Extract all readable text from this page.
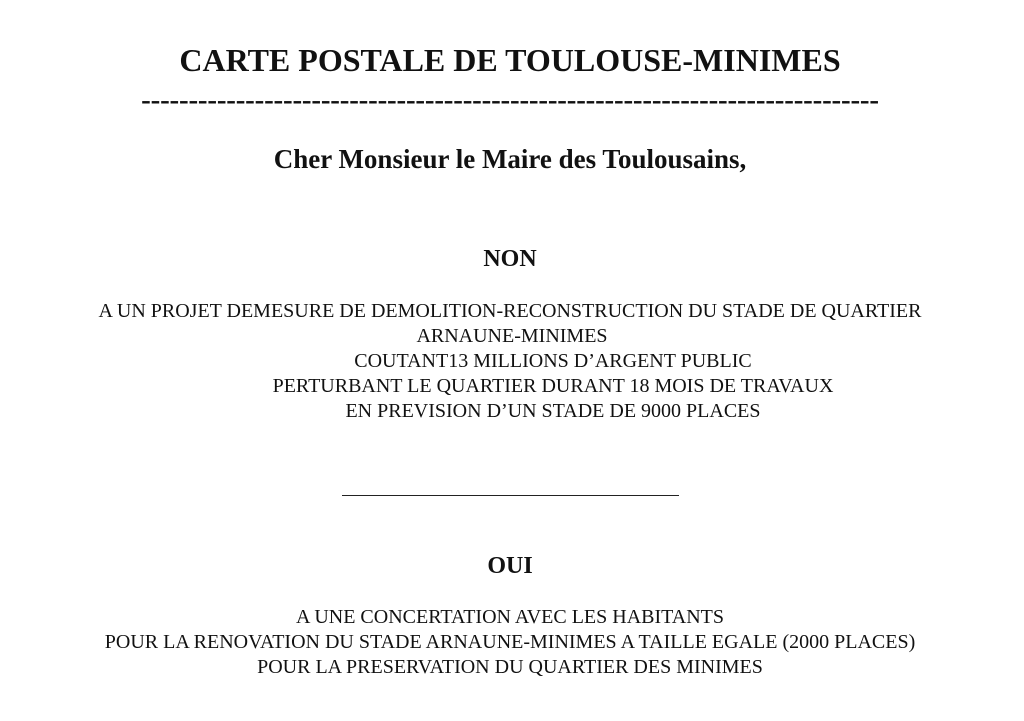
CARTE POSTALE DE TOULOUSE-MINIMES
------------------------------------------------------------------------------
Cher Monsieur le Maire des Toulousains,
NON
A UN PROJET DEMESURE DE DEMOLITION-RECONSTRUCTION DU STADE DE QUARTIER
ARNAUNE-MINIMES
COUTANT13 MILLIONS D’ARGENT PUBLIC
PERTURBANT LE QUARTIER DURANT 18 MOIS DE TRAVAUX
EN PREVISION D’UN STADE DE 9000 PLACES
OUI
A UNE CONCERTATION AVEC LES HABITANTS
POUR LA RENOVATION DU STADE ARNAUNE-MINIMES A TAILLE EGALE (2000 PLACES)
POUR LA PRESERVATION DU QUARTIER DES MINIMES
